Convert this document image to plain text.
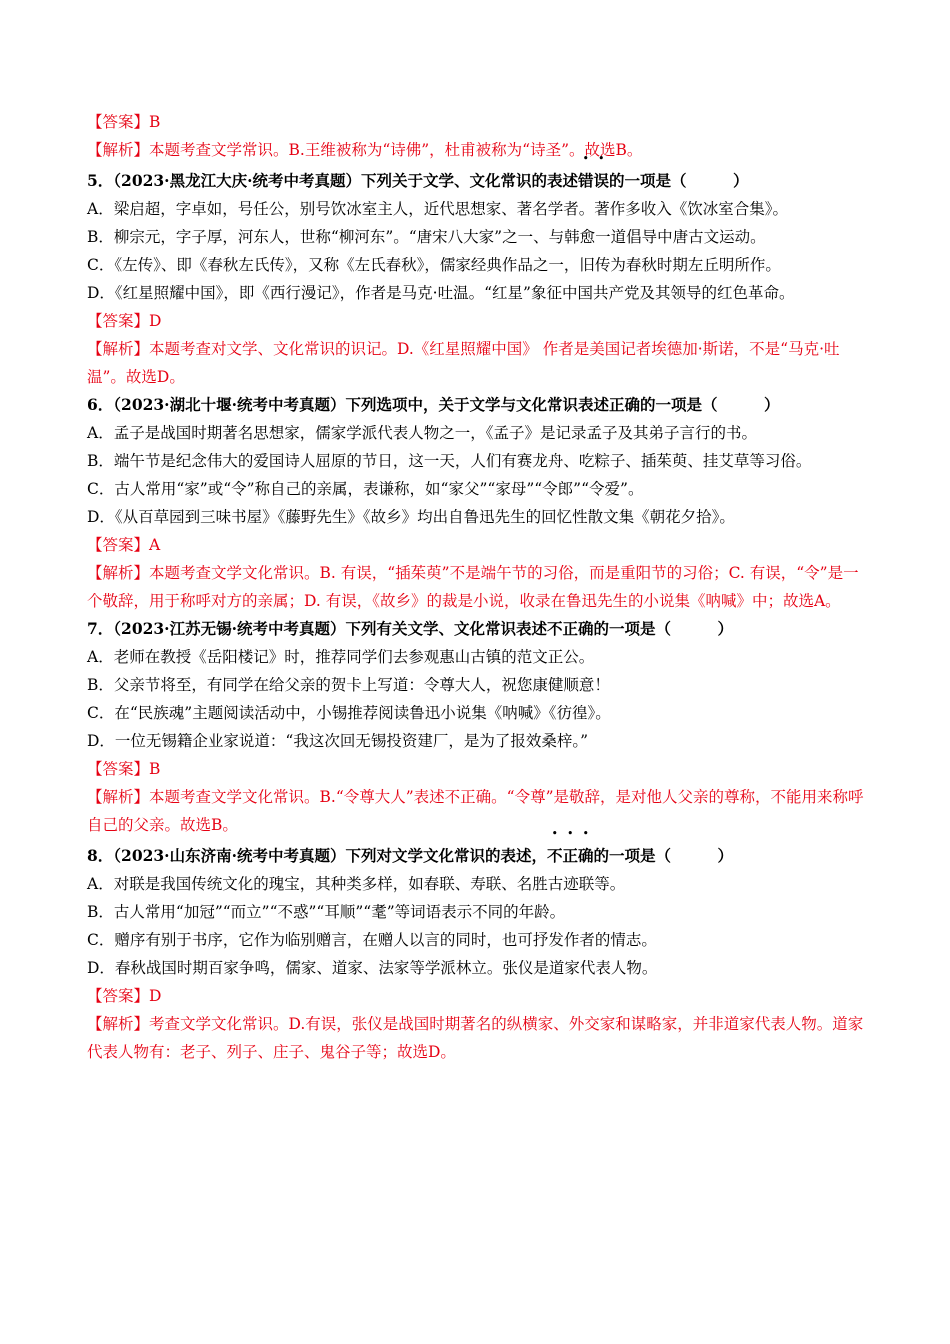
【答案】B
【解析】本题考查文学常识。B.王维被称为“诗佛”，杜甫被称为“诗圣”。故选B。
5．（2023·黑龙江大庆·统考中考真题）下列关于文学、文化常识的表述错误的一项是（　　　）
A．梁启超，字卓如，号任公，别号饮冰室主人，近代思想家、著名学者。著作多收入《饮冰室合集》。
B．柳宗元，字子厚，河东人，世称“柳河东”。“唐宋八大家”之一、与韩愈一道倡导中唐古文运动。
C．《左传》、即《春秋左氏传》，又称《左氏春秋》，儒家经典作品之一，旧传为春秋时期左丘明所作。
D．《红星照耀中国》，即《西行漫记》，作者是马克·吐温。“红星”象征中国共产党及其领导的红色革命。
【答案】D
【解析】本题考查对文学、文化常识的识记。D.《红星照耀中国》 作者是美国记者埃德加·斯诺，不是“马克·吐温”。故选D。
6．（2023·湖北十堰·统考中考真题）下列选项中，关于文学与文化常识表述正确的一项是（　　　）
A．孟子是战国时期著名思想家，儒家学派代表人物之一，《孟子》是记录孟子及其弟子言行的书。
B．端午节是纪念伟大的爱国诗人屈原的节日，这一天，人们有赛龙舟、吃粽子、插茱萸、挂艾草等习俗。
C．古人常用“家”或“令”称自己的亲属，表谦称，如“家父”“家母”“令郎”“令爱”。
D．《从百草园到三味书屋》《藤野先生》《故乡》均出自鲁迅先生的回忆性散文集《朝花夕拾》。
【答案】A
【解析】本题考查文学文化常识。B. 有误，“插茱萸”不是端午节的习俗，而是重阳节的习俗；C. 有误，“令”是一个敬辞，用于称呼对方的亲属；D. 有误，《故乡》的裁是小说，收录在鲁迅先生的小说集《呐喊》中；故选A。
7．（2023·江苏无锡·统考中考真题）下列有关文学、文化常识表述不正确的一项是（　　　）
A．老师在教授《岳阳楼记》时，推荐同学们去参观惠山古镇的范文正公。
B．父亲节将至，有同学在给父亲的贺卡上写道：令尊大人，祝您康健顺意！
C．在“民族魂”主题阅读活动中，小锡推荐阅读鲁迅小说集《呐喊》《彷徨》。
D．一位无锡籍企业家说道：“我这次回无锡投资建厂，是为了报效桑梓。”
【答案】B
【解析】本题考查文学文化常识。B.“令尊大人”表述不正确。“令尊”是敬辞，是对他人父亲的尊称，不能用来称呼自己的父亲。故选B。
8．（2023·山东济南·统考中考真题）下列对文学文化常识的表述，不正确的一项是（　　　）
A．对联是我国传统文化的瑰宝，其种类多样，如春联、寿联、名胜古迹联等。
B．古人常用“加冠”“而立”“不惑”“耳顺”“耄”等词语表示不同的年龄。
C．赠序有别于书序，它作为临别赠言，在赠人以言的同时，也可抒发作者的情志。
D．春秋战国时期百家争鸣，儒家、道家、法家等学派林立。张仪是道家代表人物。
【答案】D
【解析】考查文学文化常识。D.有误，张仪是战国时期著名的纵横家、外交家和谋略家，并非道家代表人物。道家代表人物有：老子、列子、庄子、鬼谷子等；故选D。
